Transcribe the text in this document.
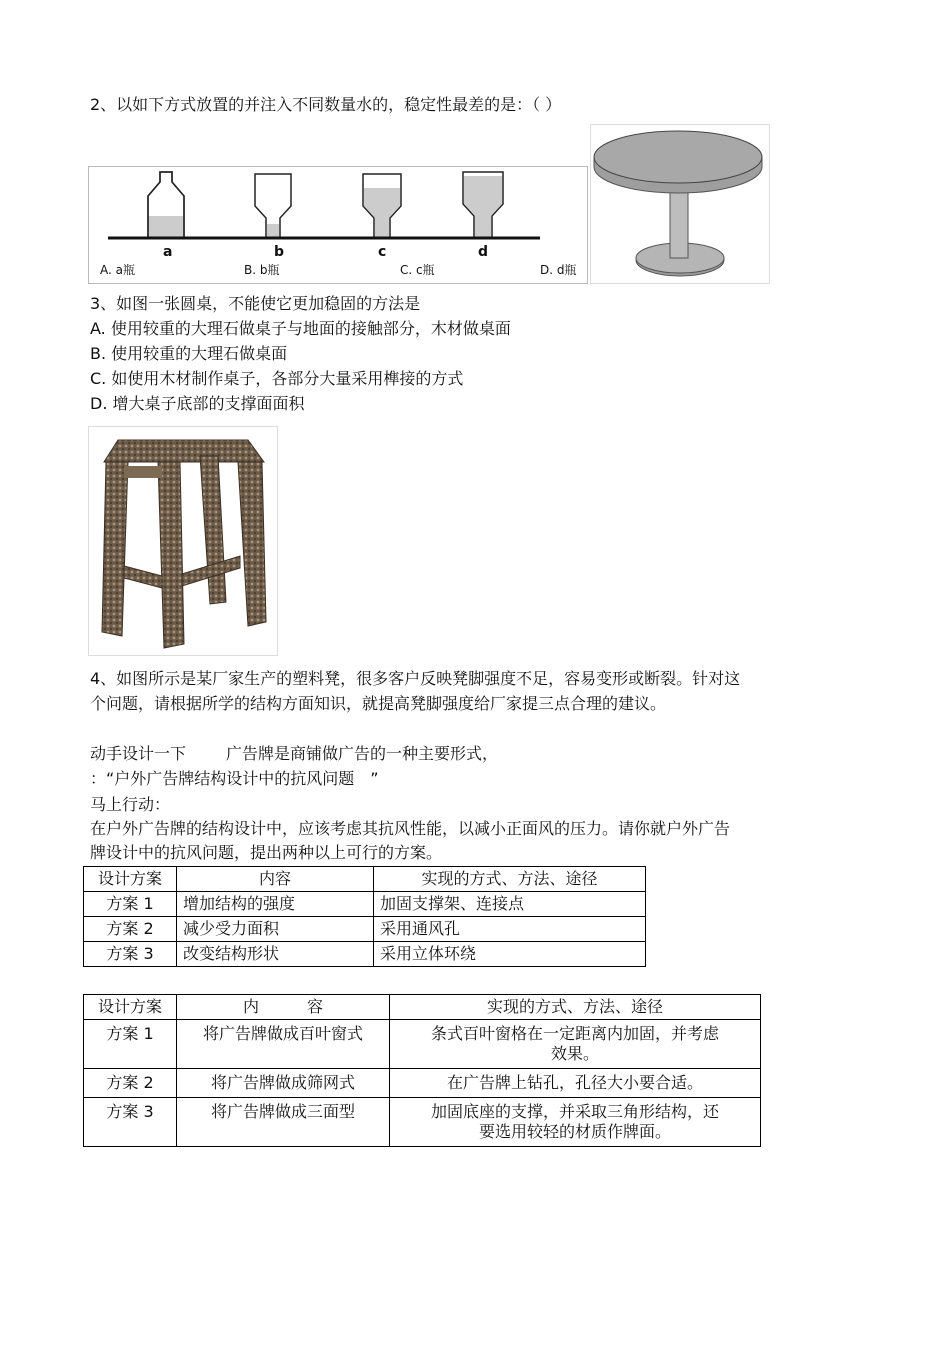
2、以如下方式放置的并注入不同数量水的，稳定性最差的是：（ ）
a	b	c	d
A. a瓶	B. b瓶	C. c瓶	D. d瓶
3、如图一张圆桌，不能使它更加稳固的方法是
A. 使用较重的大理石做桌子与地面的接触部分，木材做桌面
B. 使用较重的大理石做桌面
C. 如使用木材制作桌子，各部分大量采用榫接的方式
D. 增大桌子底部的支撑面面积
4、如图所示是某厂家生产的塑料凳，很多客户反映凳脚强度不足，容易变形或断裂。针对这
个问题，请根据所学的结构方面知识，就提高凳脚强度给厂家提三点合理的建议。
动手设计一下 广告牌是商铺做广告的一种主要形式，
：“户外广告牌结构设计中的抗风问题　”
马上行动：
在户外广告牌的结构设计中，应该考虑其抗风性能，以减小正面风的压力。请你就户外广告
牌设计中的抗风问题，提出两种以上可行的方案。
设计方案	内容	实现的方式、方法、途径
方案 1	增加结构的强度	加固支撑架、连接点
方案 2	减少受力面积	采用通风孔
方案 3	改变结构形状	采用立体环绕
设计方案	内　　　容	实现的方式、方法、途径
方案 1	将广告牌做成百叶窗式	条式百叶窗格在一定距离内加固，并考虑
效果。

方案 2	将广告牌做成筛网式	在广告牌上钻孔，孔径大小要合适。
方案 3	将广告牌做成三面型	加固底座的支撑，并采取三角形结构，还
要选用较轻的材质作牌面。
